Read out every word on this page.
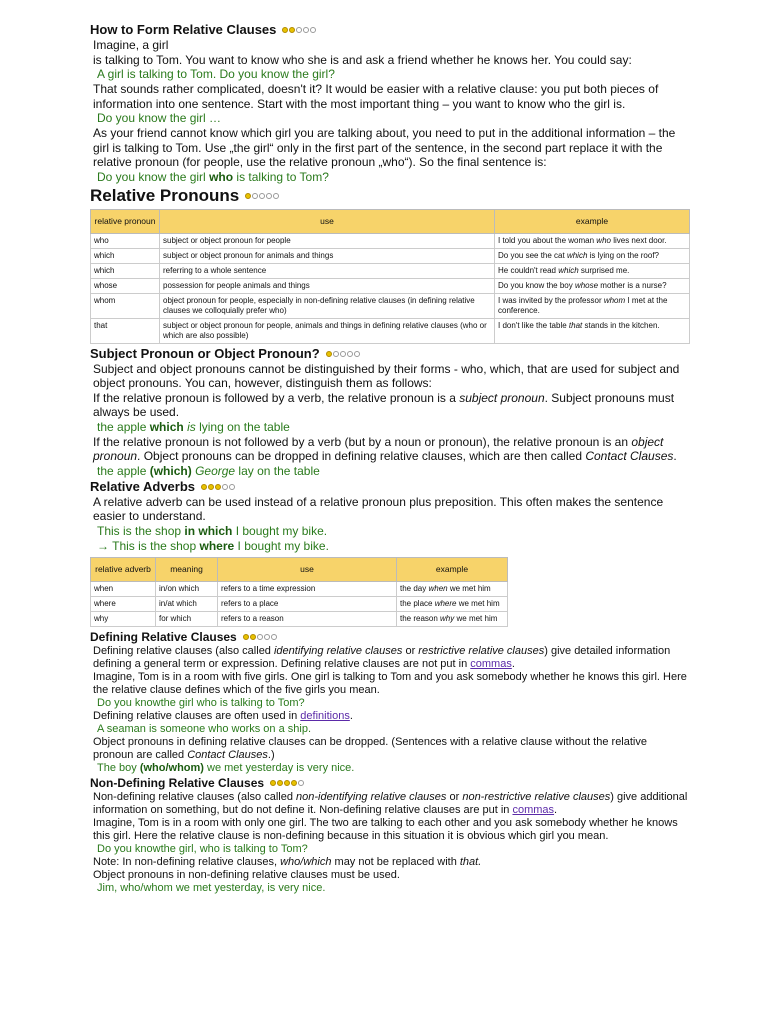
How to Form Relative Clauses

Imagine, a girl

is talking to Tom. You want to know who she is and ask a friend whether he knows her. You could say:

A girl is talking to Tom. Do you know the girl?

That sounds rather complicated, doesn't it? It would be easier with a relative clause: you put both pieces of information into one sentence. Start with the most important thing – you want to know who the girl is.

Do you know the girl …

As your friend cannot know which girl you are talking about, you need to put in the additional information – the girl is talking to Tom. Use „the girl“ only in the first part of the sentence, in the second part replace it with the relative pronoun (for people, use the relative pronoun „who“). So the final sentence is:

Do you know the girl who is talking to Tom?

Relative Pronouns
relative pronoun	use	example
who	subject or object pronoun for people	I told you about the woman who lives next door.
which	subject or object pronoun for animals and things	Do you see the cat which is lying on the roof?
which	referring to a whole sentence	He couldn't read which surprised me.
whose	possession for people animals and things	Do you know the boy whose mother is a nurse?
whom	object pronoun for people, especially in non-defining relative clauses (in defining relative clauses we colloquially prefer who)	I was invited by the professor whom I met at the conference.
that	subject or object pronoun for people, animals and things in defining relative clauses (who or which are also possible)	I don't like the table that stands in the kitchen.
Subject Pronoun or Object Pronoun?

Subject and object pronouns cannot be distinguished by their forms - who, which, that are used for subject and object pronouns. You can, however, distinguish them as follows:

If the relative pronoun is followed by a verb, the relative pronoun is a subject pronoun. Subject pronouns must always be used.

the apple which is lying on the table

If the relative pronoun is not followed by a verb (but by a noun or pronoun), the relative pronoun is an object pronoun. Object pronouns can be dropped in defining relative clauses, which are then called Contact Clauses.

the apple (which) George lay on the table

Relative Adverbs

A relative adverb can be used instead of a relative pronoun plus preposition. This often makes the sentence easier to understand.

This is the shop in which I bought my bike.

→ This is the shop where I bought my bike.

relative adverb	meaning	use	example
when	in/on which	refers to a time expression	the day when we met him
where	in/at which	refers to a place	the place where we met him
why	for which	refers to a reason	the reason why we met him
Defining Relative Clauses

Defining relative clauses (also called identifying relative clauses or restrictive relative clauses) give detailed information defining a general term or expression. Defining relative clauses are not put in commas.

Imagine, Tom is in a room with five girls. One girl is talking to Tom and you ask somebody whether he knows this girl. Here the relative clause defines which of the five girls you mean.

Do you knowthe girl who is talking to Tom?

Defining relative clauses are often used in definitions.

A seaman is someone who works on a ship.

Object pronouns in defining relative clauses can be dropped. (Sentences with a relative clause without the relative pronoun are called Contact Clauses.)

The boy (who/whom) we met yesterday is very nice.

Non-Defining Relative Clauses

Non-defining relative clauses (also called non-identifying relative clauses or non-restrictive relative clauses) give additional information on something, but do not define it. Non-defining relative clauses are put in commas.

Imagine, Tom is in a room with only one girl. The two are talking to each other and you ask somebody whether he knows this girl. Here the relative clause is non-defining because in this situation it is obvious which girl you mean.

Do you knowthe girl, who is talking to Tom?

Note: In non-defining relative clauses, who/which may not be replaced with that.

Object pronouns in non-defining relative clauses must be used.

Jim, who/whom we met yesterday, is very nice.
